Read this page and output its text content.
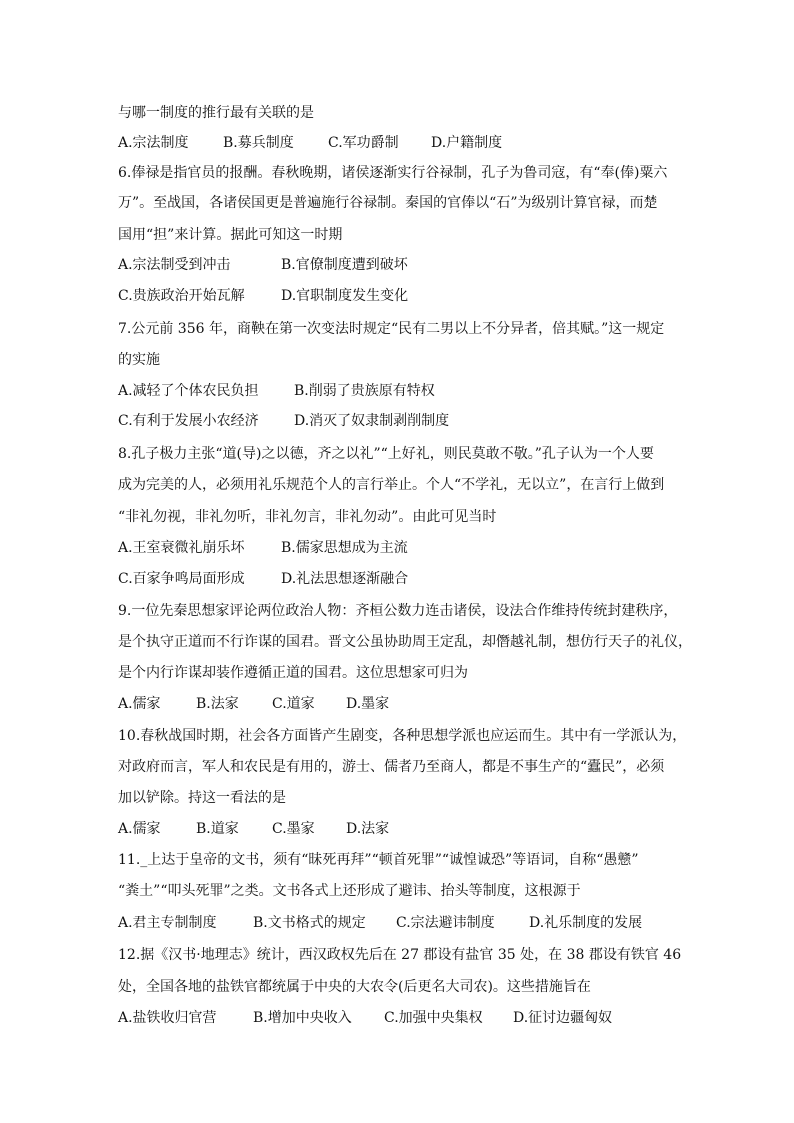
与哪一制度的推行最有关联的是
A.宗法制度 B.募兵制度 C.军功爵制 D.户籍制度
6.俸禄是指官员的报酬。春秋晚期，诸侯逐渐实行谷禄制，孔子为鲁司寇，有“奉(俸)粟六
万”。至战国，各诸侯国更是普遍施行谷禄制。秦国的官俸以“石”为级别计算官禄，而楚
国用“担”来计算。据此可知这一时期
A.宗法制受到冲击	B.官僚制度遭到破坏
C.贵族政治开始瓦解	D.官职制度发生变化
7.公元前 356 年，商鞅在第一次变法时规定“民有二男以上不分异者，倍其赋。”这一规定
的实施
A.减轻了个体农民负担	B.削弱了贵族原有特权
C.有利于发展小农经济	D.消灭了奴隶制剥削制度
8.孔子极力主张“道(导)之以德，齐之以礼”“上好礼，则民莫敢不敬。”孔子认为一个人要
成为完美的人，必须用礼乐规范个人的言行举止。个人“不学礼，无以立”，在言行上做到
“非礼勿视，非礼勿听，非礼勿言，非礼勿动”。由此可见当时
A.王室衰微礼崩乐坏	B.儒家思想成为主流
C.百家争鸣局面形成	D.礼法思想逐渐融合
9.一位先秦思想家评论两位政治人物：齐桓公数力连击诸侯，设法合作维持传统封建秩序，
是个执守正道而不行诈谋的国君。晋文公虽协助周王定乱，却僭越礼制，想仿行天子的礼仪，
是个内行诈谋却装作遵循正道的国君。这位思想家可归为
A.儒家	B.法家 C.道家 D.墨家
10.春秋战国时期，社会各方面皆产生剧变，各种思想学派也应运而生。其中有一学派认为，
对政府而言，军人和农民是有用的，游士、儒者乃至商人，都是不事生产的“蠹民”，必须
加以铲除。持这一看法的是
A.儒家	B.道家 C.墨家 D.法家
11._上达于皇帝的文书，须有“昧死再拜”“顿首死罪”“诚惶诚恐”等语词，自称“愚戆”
“粪土”“叩头死罪”之类。文书各式上还形成了避讳、抬头等制度，这根源于
A.君主专制制度	B.文书格式的规定 C.宗法避讳制度 D.礼乐制度的发展
12.据《汉书·地理志》统计，西汉政权先后在 27 郡设有盐官 35 处，在 38 郡设有铁官 46
处，全国各地的盐铁官都统属于中央的大农令(后更名大司农)。这些措施旨在
A.盐铁收归官营	B.增加中央收入 C.加强中央集权 D.征讨边疆匈奴
